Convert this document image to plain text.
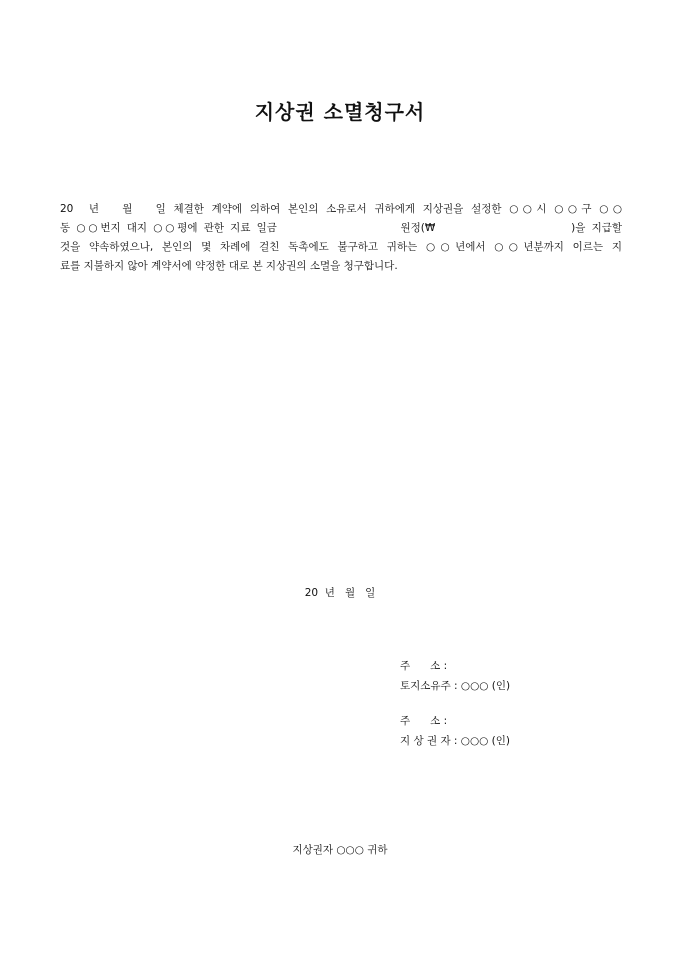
지상권 소멸청구서
20  년   월   일 체결한 계약에 의하여 본인의 소유로서 귀하에게 지상권을 설정한 ○○시 ○○구 ○○
동 ○○번지 대지 ○○평에 관한 지료 일금                    원정(₩                      )을 지급할
것을 약속하였으나, 본인의 몇 차례에 걸친 독촉에도 불구하고 귀하는 ○○년에서 ○○년분까지 이르는 지
료를 지불하지 않아 계약서에 약정한 대로 본 지상권의 소멸을 청구합니다.
20  년   월   일
주      소 :
토지소유주 : ○○○ (인)
주      소 :
지 상 권 자 : ○○○ (인)
지상권자 ○○○ 귀하
